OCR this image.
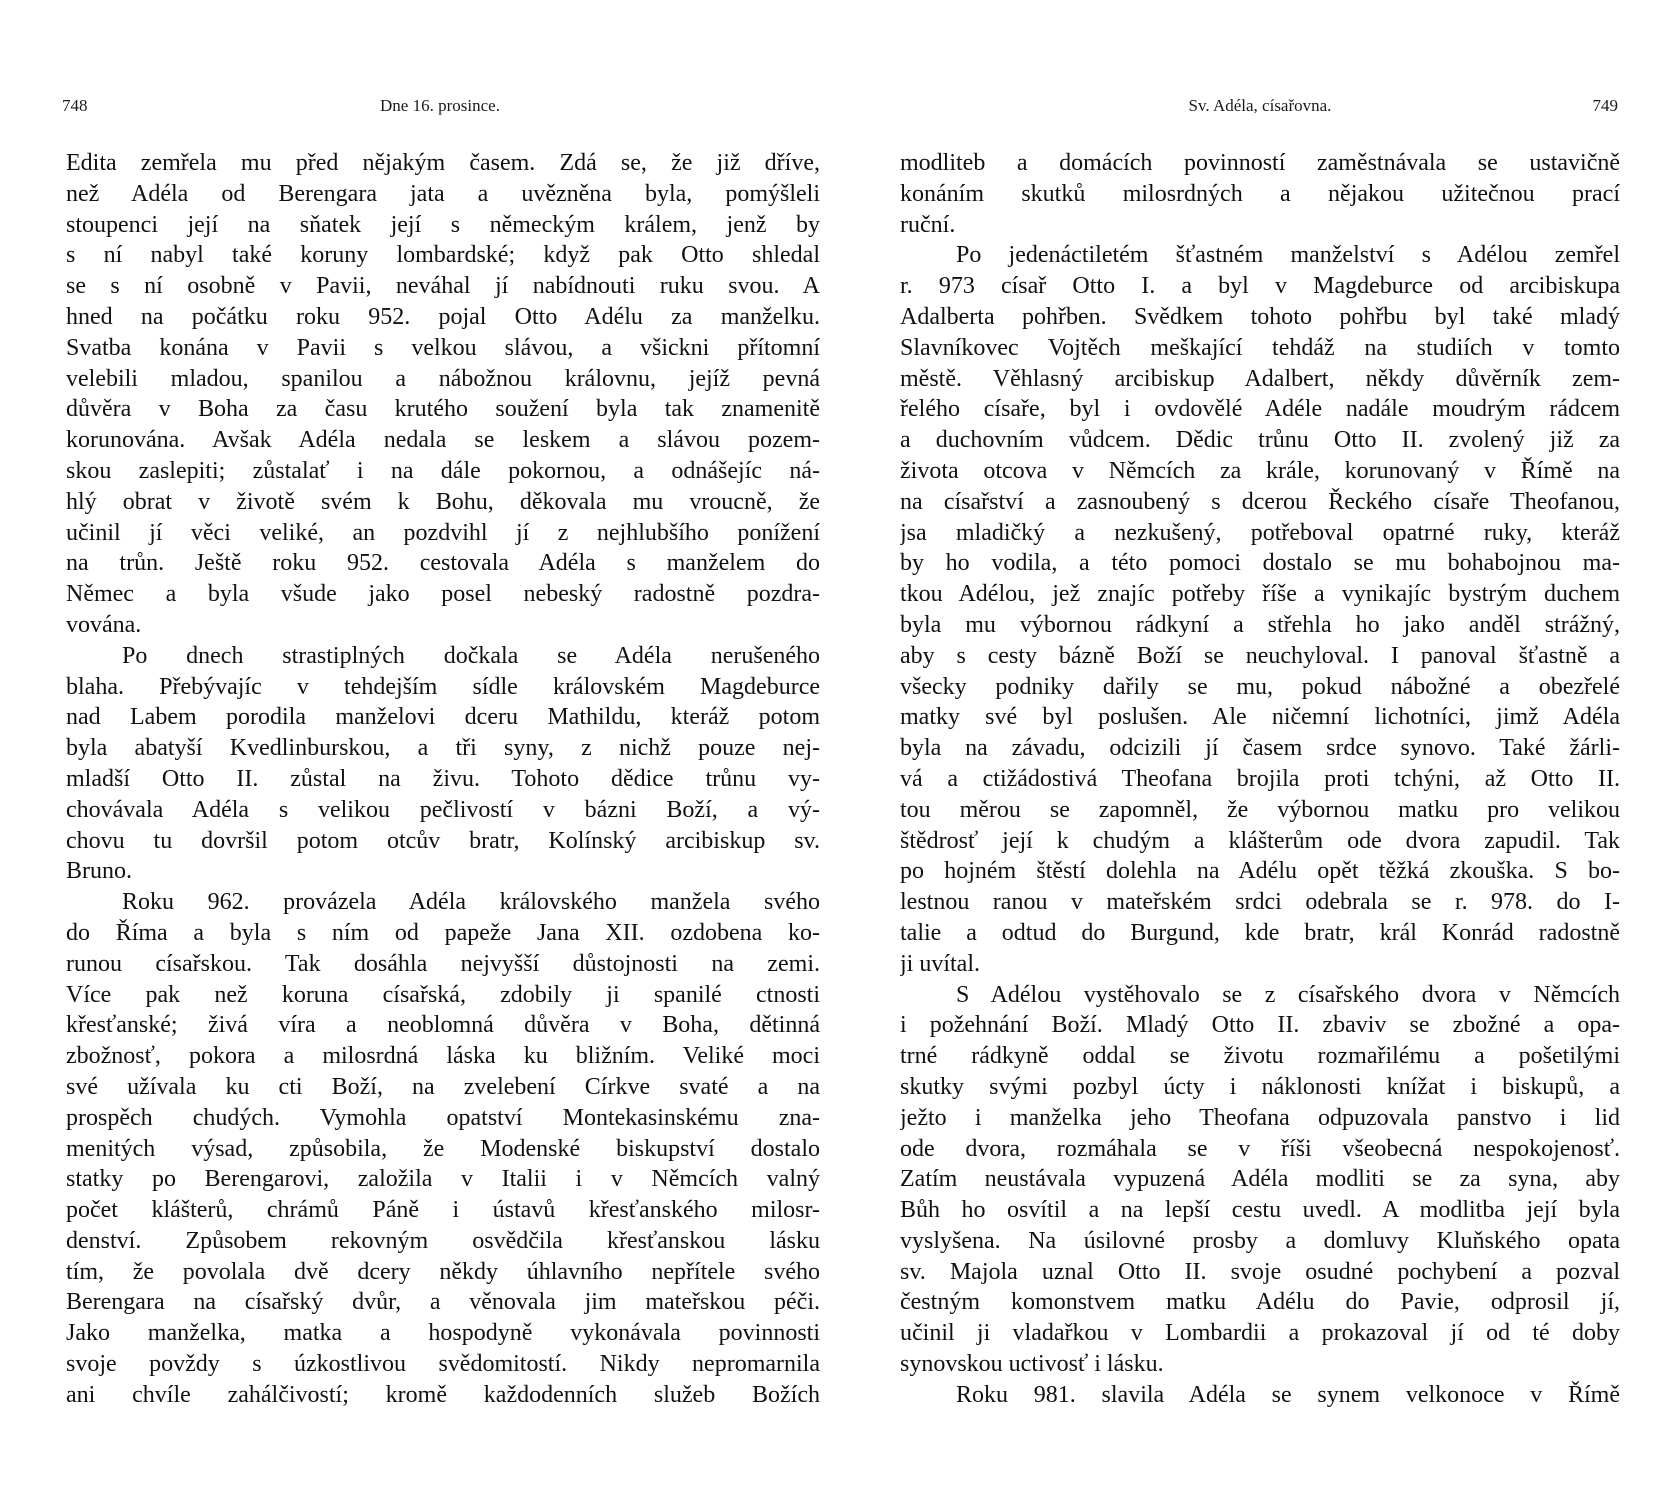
748	Dne 16. prosince.
Edita zemřela mu před nějakým časem. Zdá se, že již dříve,
než Adéla od Berengara jata a uvězněna byla, pomýšleli
stoupenci její na sňatek její s německým králem, jenž by
s ní nabyl také koruny lombardské; když pak Otto shledal
se s ní osobně v Pavii, neváhal jí nabídnouti ruku svou. A
hned na počátku roku 952. pojal Otto Adélu za manželku.
Svatba konána v Pavii s velkou slávou, a všickni přítomní
velebili mladou, spanilou a nábožnou královnu, jejíž pevná
důvěra v Boha za času krutého soužení byla tak znamenitě
korunována. Avšak Adéla nedala se leskem a slávou pozem-
skou zaslepiti; zůstalať i na dále pokornou, a odnášejíc ná-
hlý obrat v životě svém k Bohu, děkovala mu vroucně, že
učinil jí věci veliké, an pozdvihl jí z nejhlubšího ponížení
na trůn. Ještě roku 952. cestovala Adéla s manželem do
Němec a byla všude jako posel nebeský radostně pozdra-
vována.
Po dnech strastiplných dočkala se Adéla nerušeného
blaha. Přebývajíc v tehdejším sídle královském Magdeburce
nad Labem porodila manželovi dceru Mathildu, kteráž potom
byla abatyší Kvedlinburskou, a tři syny, z nichž pouze nej-
mladší Otto II. zůstal na živu. Tohoto dědice trůnu vy-
chovávala Adéla s velikou pečlivostí v bázni Boží, a vý-
chovu tu dovršil potom otcův bratr, Kolínský arcibiskup sv.
Bruno.
Roku 962. provázela Adéla královského manžela svého
do Říma a byla s ním od papeže Jana XII. ozdobena ko-
runou císařskou. Tak dosáhla nejvyšší důstojnosti na zemi.
Více pak než koruna císařská, zdobily ji spanilé ctnosti
křesťanské; živá víra a neoblomná důvěra v Boha, dětinná
zbožnosť, pokora a milosrdná láska ku bližním. Veliké moci
své užívala ku cti Boží, na zvelebení Církve svaté a na
prospěch chudých. Vymohla opatství Montekasinskému zna-
menitých výsad, způsobila, že Modenské biskupství dostalo
statky po Berengarovi, založila v Italii i v Němcích valný
počet klášterů, chrámů Páně i ústavů křesťanského milosr-
denství. Způsobem rekovným osvědčila křesťanskou lásku
tím, že povolala dvě dcery někdy úhlavního nepřítele svého
Berengara na císařský dvůr, a věnovala jim mateřskou péči.
Jako manželka, matka a hospodyně vykonávala povinnosti
svoje povždy s úzkostlivou svědomitostí. Nikdy nepromarnila
ani chvíle zahálčivostí; kromě každodenních služeb Božích
Sv. Adéla, císařovna.	749
modliteb a domácích povinností zaměstnávala se ustavičně
konáním skutků milosrdných a nějakou užitečnou prací
ruční.
Po jedenáctiletém šťastném manželství s Adélou zemřel
r. 973 císař Otto I. a byl v Magdeburce od arcibiskupa
Adalberta pohřben. Svědkem tohoto pohřbu byl také mladý
Slavníkovec Vojtěch meškající tehdáž na studiích v tomto
městě. Věhlasný arcibiskup Adalbert, někdy důvěrník zem-
řelého císaře, byl i ovdovělé Adéle nadále moudrým rádcem
a duchovním vůdcem. Dědic trůnu Otto II. zvolený již za
života otcova v Němcích za krále, korunovaný v Římě na
na císařství a zasnoubený s dcerou Řeckého císaře Theofanou,
jsa mladičký a nezkušený, potřeboval opatrné ruky, kteráž
by ho vodila, a této pomoci dostalo se mu bohabojnou ma-
tkou Adélou, jež znajíc potřeby říše a vynikajíc bystrým duchem
byla mu výbornou rádkyní a střehla ho jako anděl strážný,
aby s cesty bázně Boží se neuchyloval. I panoval šťastně a
všecky podniky dařily se mu, pokud nábožné a obezřelé
matky své byl poslušen. Ale ničemní lichotníci, jimž Adéla
byla na závadu, odcizili jí časem srdce synovo. Také žárli-
vá a ctižádostivá Theofana brojila proti tchýni, až Otto II.
tou měrou se zapomněl, že výbornou matku pro velikou
štědrosť její k chudým a klášterům ode dvora zapudil. Tak
po hojném štěstí dolehla na Adélu opět těžká zkouška. S bo-
lestnou ranou v mateřském srdci odebrala se r. 978. do I-
talie a odtud do Burgund, kde bratr, král Konrád radostně
ji uvítal.
S Adélou vystěhovalo se z císařského dvora v Němcích
i požehnání Boží. Mladý Otto II. zbaviv se zbožné a opa-
trné rádkyně oddal se životu rozmařilému a pošetilými
skutky svými pozbyl úcty i náklonosti knížat i biskupů, a
ježto i manželka jeho Theofana odpuzovala panstvo i lid
ode dvora, rozmáhala se v říši všeobecná nespokojenosť.
Zatím neustávala vypuzená Adéla modliti se za syna, aby
Bůh ho osvítil a na lepší cestu uvedl. A modlitba její byla
vyslyšena. Na úsilovné prosby a domluvy Kluňského opata
sv. Majola uznal Otto II. svoje osudné pochybení a pozval
čestným komonstvem matku Adélu do Pavie, odprosil jí,
učinil ji vladařkou v Lombardii a prokazoval jí od té doby
synovskou uctivosť i lásku.
Roku 981. slavila Adéla se synem velkonoce v Římě
